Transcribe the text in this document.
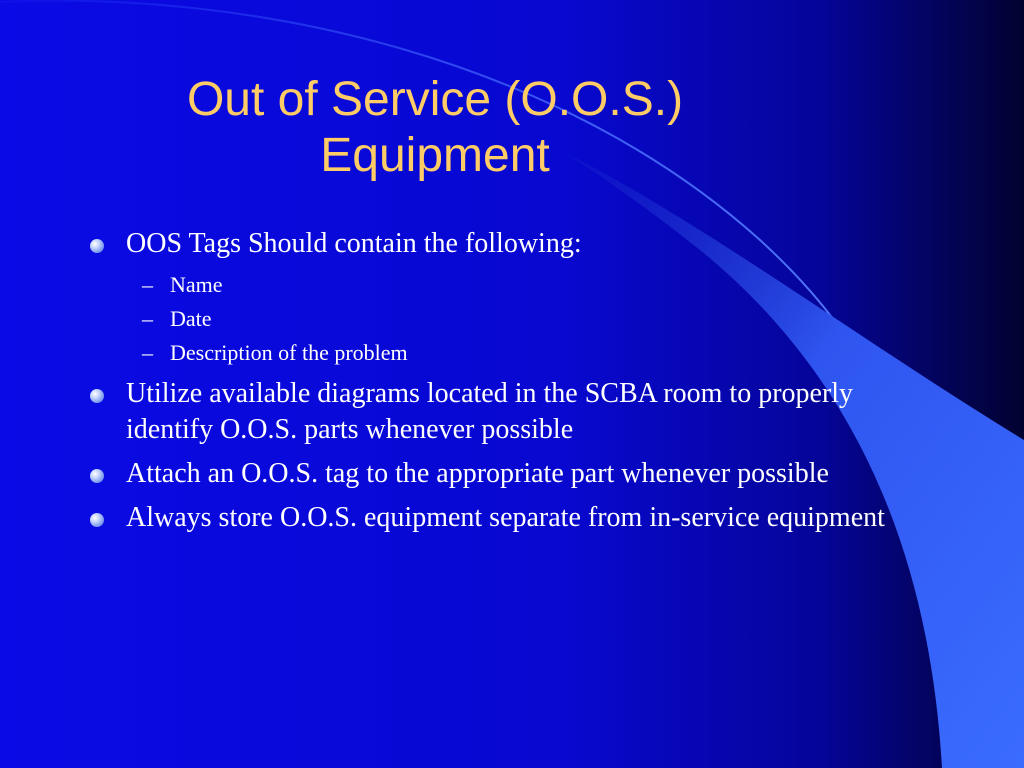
Out of Service (O.O.S.)
Equipment
OOS Tags Should contain the following:
– Name
– Date
– Description of the problem
Utilize available diagrams located in the SCBA room to properly identify O.O.S. parts whenever possible
Attach an O.O.S. tag to the appropriate part whenever possible
Always store O.O.S. equipment separate from in-service equipment
